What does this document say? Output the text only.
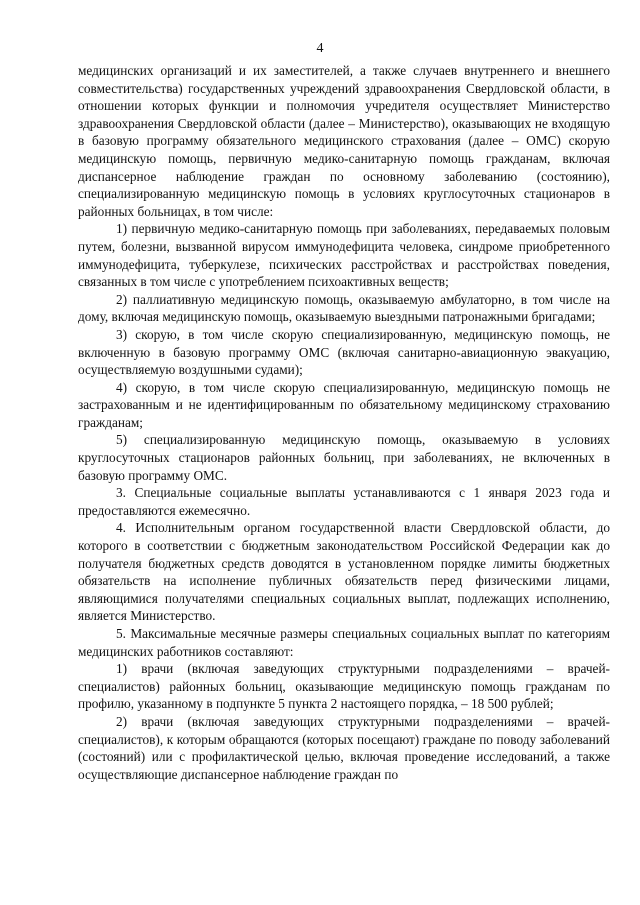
4

медицинских организаций и их заместителей, а также случаев внутреннего и внешнего совместительства) государственных учреждений здравоохранения Свердловской области, в отношении которых функции и полномочия учредителя осуществляет Министерство здравоохранения Свердловской области (далее – Министерство), оказывающих не входящую в базовую программу обязательного медицинского страхования (далее – ОМС) скорую медицинскую помощь, первичную медико-санитарную помощь гражданам, включая диспансерное наблюдение граждан по основному заболеванию (состоянию), специализированную медицинскую помощь в условиях круглосуточных стационаров в районных больницах, в том числе:

1) первичную медико-санитарную помощь при заболеваниях, передаваемых половым путем, болезни, вызванной вирусом иммунодефицита человека, синдроме приобретенного иммунодефицита, туберкулезе, психических расстройствах и расстройствах поведения, связанных в том числе с употреблением психоактивных веществ;

2) паллиативную медицинскую помощь, оказываемую амбулаторно, в том числе на дому, включая медицинскую помощь, оказываемую выездными патронажными бригадами;

3) скорую, в том числе скорую специализированную, медицинскую помощь, не включенную в базовую программу ОМС (включая санитарно-авиационную эвакуацию, осуществляемую воздушными судами);

4) скорую, в том числе скорую специализированную, медицинскую помощь не застрахованным и не идентифицированным по обязательному медицинскому страхованию гражданам;

5) специализированную медицинскую помощь, оказываемую в условиях круглосуточных стационаров районных больниц, при заболеваниях, не включенных в базовую программу ОМС.

3. Специальные социальные выплаты устанавливаются с 1 января 2023 года и предоставляются ежемесячно.

4. Исполнительным органом государственной власти Свердловской области, до которого в соответствии с бюджетным законодательством Российской Федерации как до получателя бюджетных средств доводятся в установленном порядке лимиты бюджетных обязательств на исполнение публичных обязательств перед физическими лицами, являющимися получателями специальных социальных выплат, подлежащих исполнению, является Министерство.

5. Максимальные месячные размеры специальных социальных выплат по категориям медицинских работников составляют:

1) врачи (включая заведующих структурными подразделениями – врачей-специалистов) районных больниц, оказывающие медицинскую помощь гражданам по профилю, указанному в подпункте 5 пункта 2 настоящего порядка, – 18 500 рублей;

2) врачи (включая заведующих структурными подразделениями – врачей-специалистов), к которым обращаются (которых посещают) граждане по поводу заболеваний (состояний) или с профилактической целью, включая проведение исследований, а также осуществляющие диспансерное наблюдение граждан по
